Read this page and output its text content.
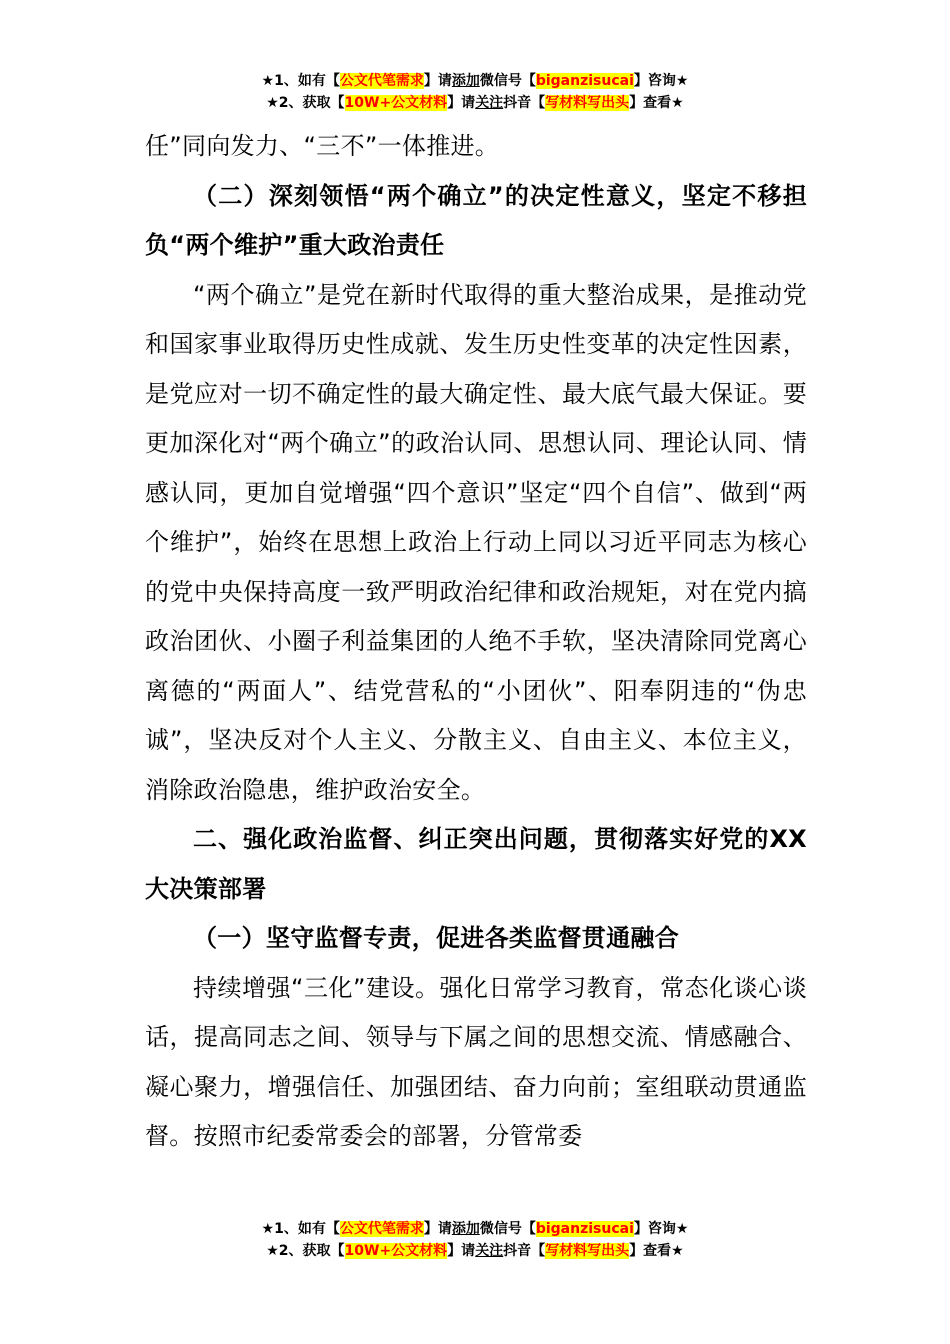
★1、如有【公文代笔需求】请添加微信号【biganzisucai】咨询★
★2、获取【10W+公文材料】请关注抖音【写材料写出头】查看★

任”同向发力、“三不”一体推进。

（二）深刻领悟“两个确立”的决定性意义，坚定不移担负“两个维护”重大政治责任

“两个确立”是党在新时代取得的重大整治成果，是推动党和国家事业取得历史性成就、发生历史性变革的决定性因素，是党应对一切不确定性的最大确定性、最大底气最大保证。要更加深化对“两个确立”的政治认同、思想认同、理论认同、情感认同，更加自觉增强“四个意识”坚定“四个自信”、做到“两个维护”，始终在思想上政治上行动上同以习近平同志为核心的党中央保持高度一致严明政治纪律和政治规矩，对在党内搞政治团伙、小圈子利益集团的人绝不手软，坚决清除同党离心离德的“两面人”、结党营私的“小团伙”、阳奉阴违的“伪忠诚”，坚决反对个人主义、分散主义、自由主义、本位主义，消除政治隐患，维护政治安全。

二、强化政治监督、纠正突出问题，贯彻落实好党的XX大决策部署

（一）坚守监督专责，促进各类监督贯通融合

持续增强“三化”建设。强化日常学习教育，常态化谈心谈话，提高同志之间、领导与下属之间的思想交流、情感融合、凝心聚力，增强信任、加强团结、奋力向前；室组联动贯通监督。按照市纪委常委会的部署，分管常委

★1、如有【公文代笔需求】请添加微信号【biganzisucai】咨询★
★2、获取【10W+公文材料】请关注抖音【写材料写出头】查看★
